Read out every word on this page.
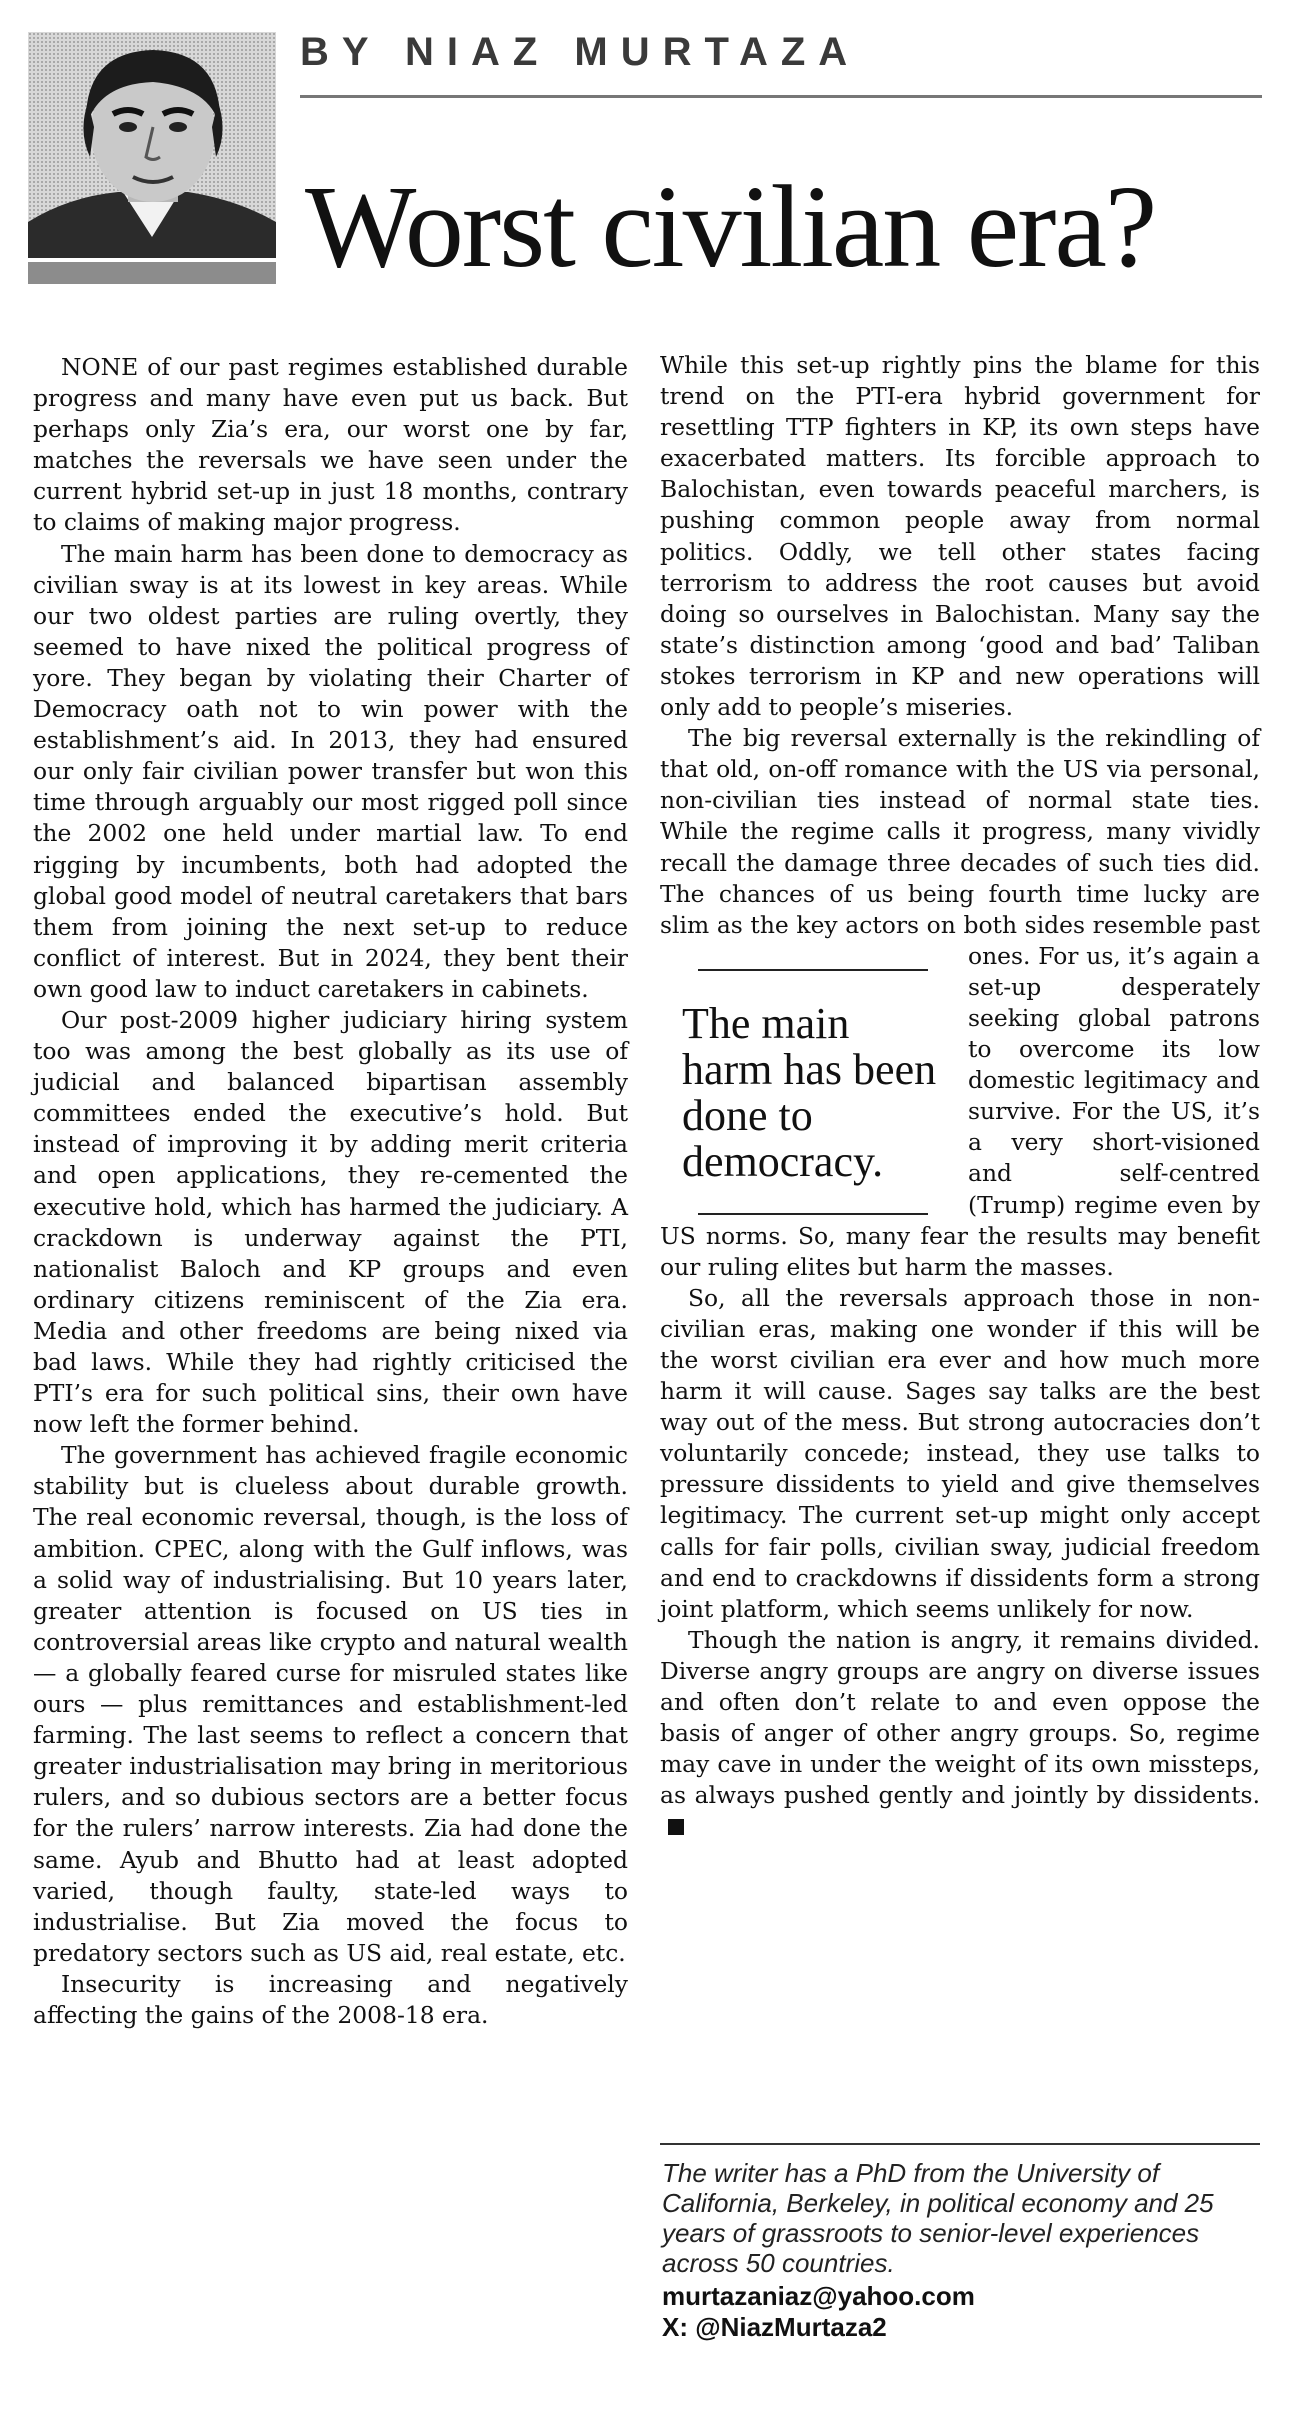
BY NIAZ MURTAZA
Worst civilian era?

NONE of our past regimes established durable progress and many have even put us back. But perhaps only Zia’s era, our worst one by far, matches the reversals we have seen under the current hybrid set-up in just 18 months, contrary to claims of making major progress.

The main harm has been done to democracy as civilian sway is at its lowest in key areas. While our two oldest parties are ruling overtly, they seemed to have nixed the political progress of yore. They began by violating their Charter of Democracy oath not to win power with the establishment’s aid. In 2013, they had ensured our only fair civilian power transfer but won this time through arguably our most rigged poll since the 2002 one held under martial law. To end rigging by incumbents, both had adopted the global good model of neutral caretakers that bars them from joining the next set-up to reduce conflict of interest. But in 2024, they bent their own good law to induct caretakers in cabinets.

Our post-2009 higher judiciary hiring system too was among the best globally as its use of judicial and balanced bipartisan assembly committees ended the executive’s hold. But instead of improving it by adding merit criteria and open applications, they re-cemented the executive hold, which has harmed the judiciary. A crackdown is underway against the PTI, nationalist Baloch and KP groups and even ordinary citizens reminiscent of the Zia era. Media and other freedoms are being nixed via bad laws. While they had rightly criticised the PTI’s era for such political sins, their own have now left the former behind.

The government has achieved fragile economic stability but is clueless about durable growth. The real economic reversal, though, is the loss of ambition. CPEC, along with the Gulf inflows, was a solid way of industrialising. But 10 years later, greater attention is focused on US ties in controversial areas like crypto and natural wealth — a globally feared curse for misruled states like ours — plus remittances and establishment-led farming. The last seems to reflect a concern that greater industrialisation may bring in meritorious rulers, and so dubious sectors are a better focus for the rulers’ narrow interests. Zia had done the same. Ayub and Bhutto had at least adopted varied, though faulty, state-led ways to industrialise. But Zia moved the focus to predatory sectors such as US aid, real estate, etc.

Insecurity is increasing and negatively affecting the gains of the 2008-18 era.

While this set-up rightly pins the blame for this trend on the PTI-era hybrid government for resettling TTP fighters in KP, its own steps have exacerbated matters. Its forcible approach to Balochistan, even towards peaceful marchers, is pushing common people away from normal politics. Oddly, we tell other states facing terrorism to address the root causes but avoid doing so ourselves in Balochistan. Many say the state’s distinction among ‘good and bad’ Taliban stokes terrorism in KP and new operations will only add to people’s miseries.

The main harm has been done to democracy.
The big reversal externally is the rekindling of that old, on-off romance with the US via personal, non-civilian ties instead of normal state ties. While the regime calls it progress, many vividly recall the damage three decades of such ties did. The chances of us being fourth time lucky are slim as the key actors on both sides resemble past ones. For us, it’s again a set-up desperately seeking global patrons to overcome its low domestic legitimacy and survive. For the US, it’s a very short-visioned and self-centred (Trump) regime even by US norms. So, many fear the results may benefit our ruling elites but harm the masses.

So, all the reversals approach those in non-civilian eras, making one wonder if this will be the worst civilian era ever and how much more harm it will cause. Sages say talks are the best way out of the mess. But strong autocracies don’t voluntarily concede; instead, they use talks to pressure dissidents to yield and give themselves legitimacy. The current set-up might only accept calls for fair polls, civilian sway, judicial freedom and end to crackdowns if dissidents form a strong joint platform, which seems unlikely for now.

Though the nation is angry, it remains divided. Diverse angry groups are angry on diverse issues and often don’t relate to and even oppose the basis of anger of other angry groups. So, regime may cave in under the weight of its own missteps, as always pushed gently and jointly by dissidents.

The writer has a PhD from the University of California, Berkeley, in political economy and 25 years of grassroots to senior-level experiences across 50 countries.
murtazaniaz@yahoo.com
X: @NiazMurtaza2
